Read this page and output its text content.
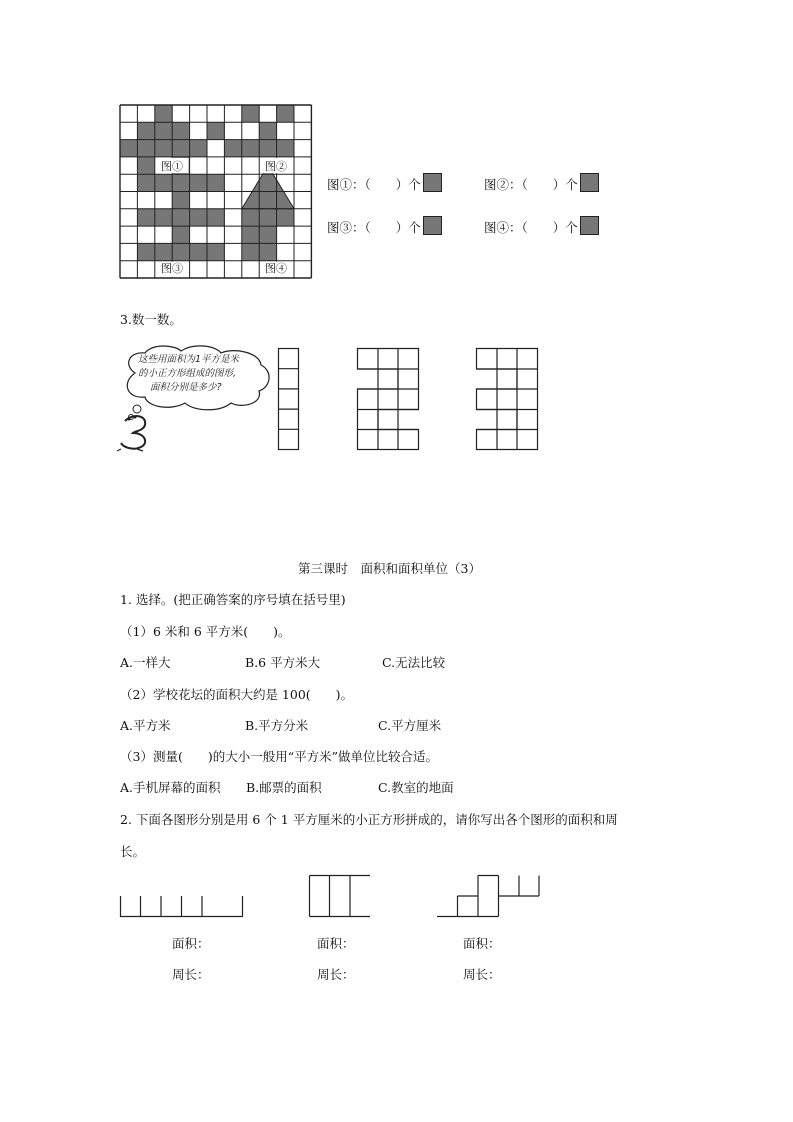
图①	图②
图③	图④
图①：（　　）个	图②：（　　）个
图③：（　　）个	图④：（　　）个
3.数一数。
这些用面积为1平方是米
的小正方形组成的图形,
面积分别是多少?
第三课时　面积和面积单位（3）
1. 选择。(把正确答案的序号填在括号里)
（1）6 米和 6 平方米(　　)。
A.一样大	B.6 平方米大	C.无法比较
（2）学校花坛的面积大约是 100(　　)。
A.平方米	B.平方分米	C.平方厘米
（3）测量(　　)的大小一般用“平方米”做单位比较合适。
A.手机屏幕的面积 B.邮票的面积	C.教室的地面
2. 下面各图形分别是用 6 个 1 平方厘米的小正方形拼成的，请你写出各个图形的面积和周
长。
面积：	面积：	面积：
周长：	周长：	周长：
